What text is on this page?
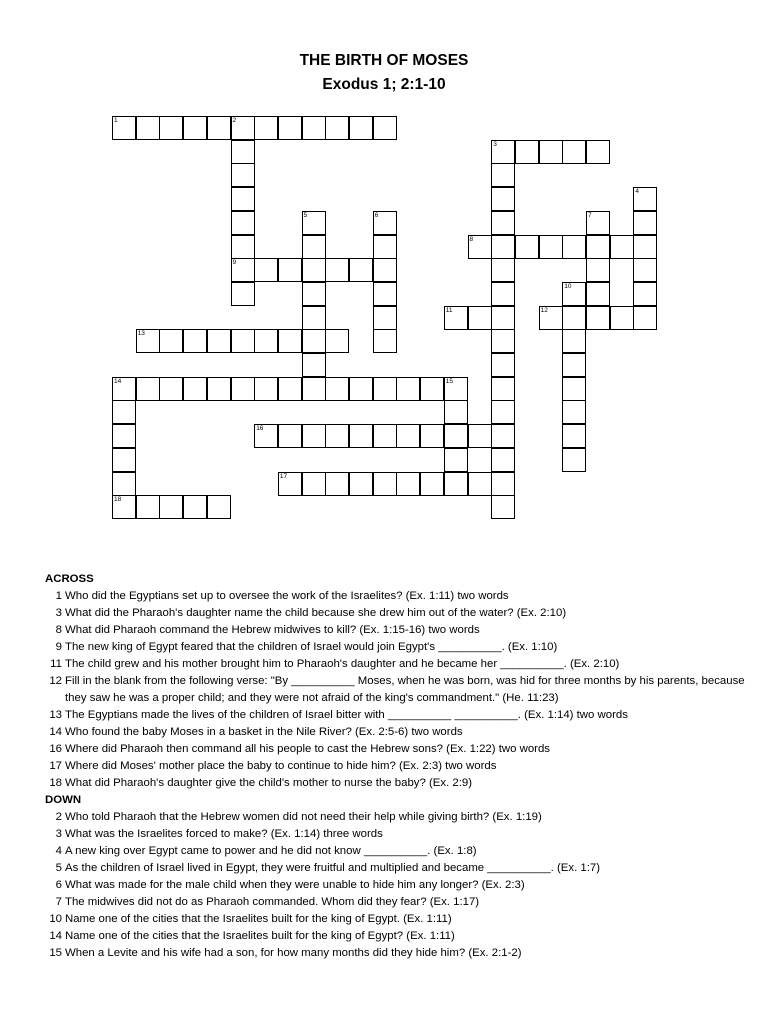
THE BIRTH OF MOSES
Exodus 1; 2:1-10
1	2
9
3
4
5	6	7
8
10
11	12
13
14	15
16
17
18
ACROSS
1 Who did the Egyptians set up to oversee the work of the Israelites? (Ex. 1:11) two words
3 What did the Pharaoh's daughter name the child because she drew him out of the water? (Ex. 2:10)
8 What did Pharaoh command the Hebrew midwives to kill? (Ex. 1:15-16) two words
9 The new king of Egypt feared that the children of Israel would join Egypt's __________. (Ex. 1:10)
11 The child grew and his mother brought him to Pharaoh's daughter and he became her __________. (Ex. 2:10)
12 Fill in the blank from the following verse: "By __________ Moses, when he was born, was hid for three months by his parents, because they saw he was a proper child; and they were not afraid of the king's commandment." (He. 11:23)
13 The Egyptians made the lives of the children of Israel bitter with __________ __________. (Ex. 1:14) two words
14 Who found the baby Moses in a basket in the Nile River? (Ex. 2:5-6) two words
16 Where did Pharaoh then command all his people to cast the Hebrew sons? (Ex. 1:22) two words
17 Where did Moses' mother place the baby to continue to hide him? (Ex. 2:3) two words
18 What did Pharaoh's daughter give the child's mother to nurse the baby? (Ex. 2:9)
DOWN
2 Who told Pharaoh that the Hebrew women did not need their help while giving birth? (Ex. 1:19)
3 What was the Israelites forced to make? (Ex. 1:14) three words
4 A new king over Egypt came to power and he did not know __________. (Ex. 1:8)
5 As the children of Israel lived in Egypt, they were fruitful and multiplied and became __________. (Ex. 1:7)
6 What was made for the male child when they were unable to hide him any longer? (Ex. 2:3)
7 The midwives did not do as Pharaoh commanded. Whom did they fear? (Ex. 1:17)
10 Name one of the cities that the Israelites built for the king of Egypt. (Ex. 1:11)
14 Name one of the cities that the Israelites built for the king of Egypt? (Ex. 1:11)
15 When a Levite and his wife had a son, for how many months did they hide him? (Ex. 2:1-2)
